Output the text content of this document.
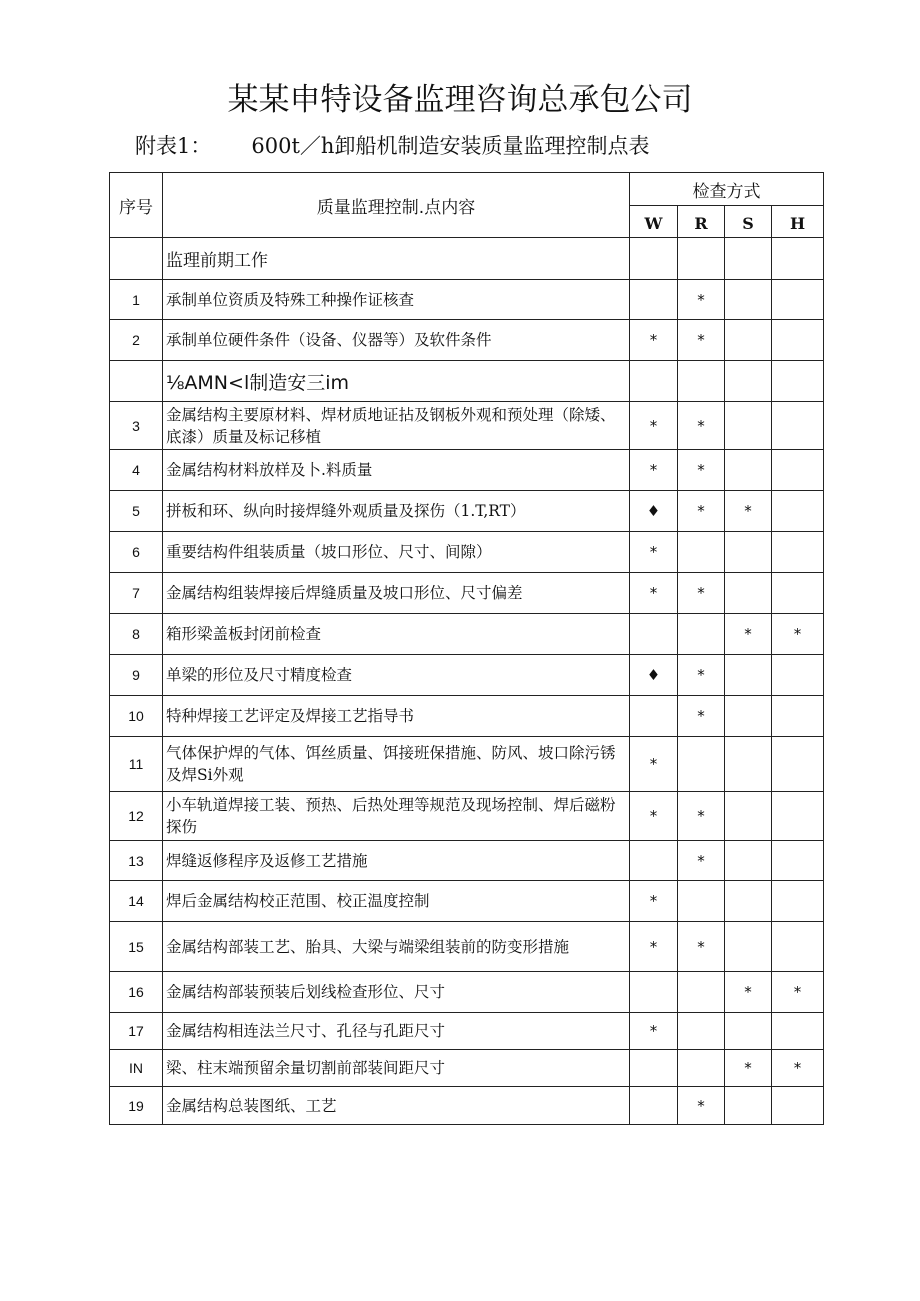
某某申特设备监理咨询总承包公司
附表1：      600t／h卸船机制造安装质量监理控制点表
序号	质量监理控制.点内容	检查方式			
		W	R	S	H
	监理前期工作				
1	承制单位资质及特殊工种操作证核查		*		
2	承制单位硬件条件（设备、仪器等）及软件条件	*	*		
	⅛AMN<l制造安三im				
3	金属结构主要原材料、焊材质地证拈及钢板外观和预处理（除矮、底漆）质量及标记移植	*	*		
4	金属结构材料放样及卜.料质量	*	*		
5	拼板和环、纵向时接焊缝外观质量及探伤（1.T,RT）	♦	*	*	
6	重要结构件组装质量（坡口形位、尺寸、间隙）	*			
7	金属结构组装焊接后焊缝质量及坡口形位、尺寸偏差	*	*		
8	箱形梁盖板封闭前检查			*	*
9	单梁的形位及尺寸精度检查	♦	*		
10	特种焊接工艺评定及焊接工艺指导书		*		
11	气体保护焊的气体、饵丝质量、饵接班保措施、防风、坡口除污锈及焊Si外观	*			
12	小车轨道焊接工装、预热、后热处理等规范及现场控制、焊后磁粉探伤	*	*		
13	焊缝返修程序及返修工艺措施		*		
14	焊后金属结构校正范围、校正温度控制	*			
15	金属结构部装工艺、胎具、大梁与端梁组装前的防变形措施	*	*		
16	金属结构部装预装后划线检查形位、尺寸			*	*
17	金属结构相连法兰尺寸、孔径与孔距尺寸	*			
IN	梁、柱末端预留余量切割前部装间距尺寸			*	*
19	金属结构总装图纸、工艺		*		
